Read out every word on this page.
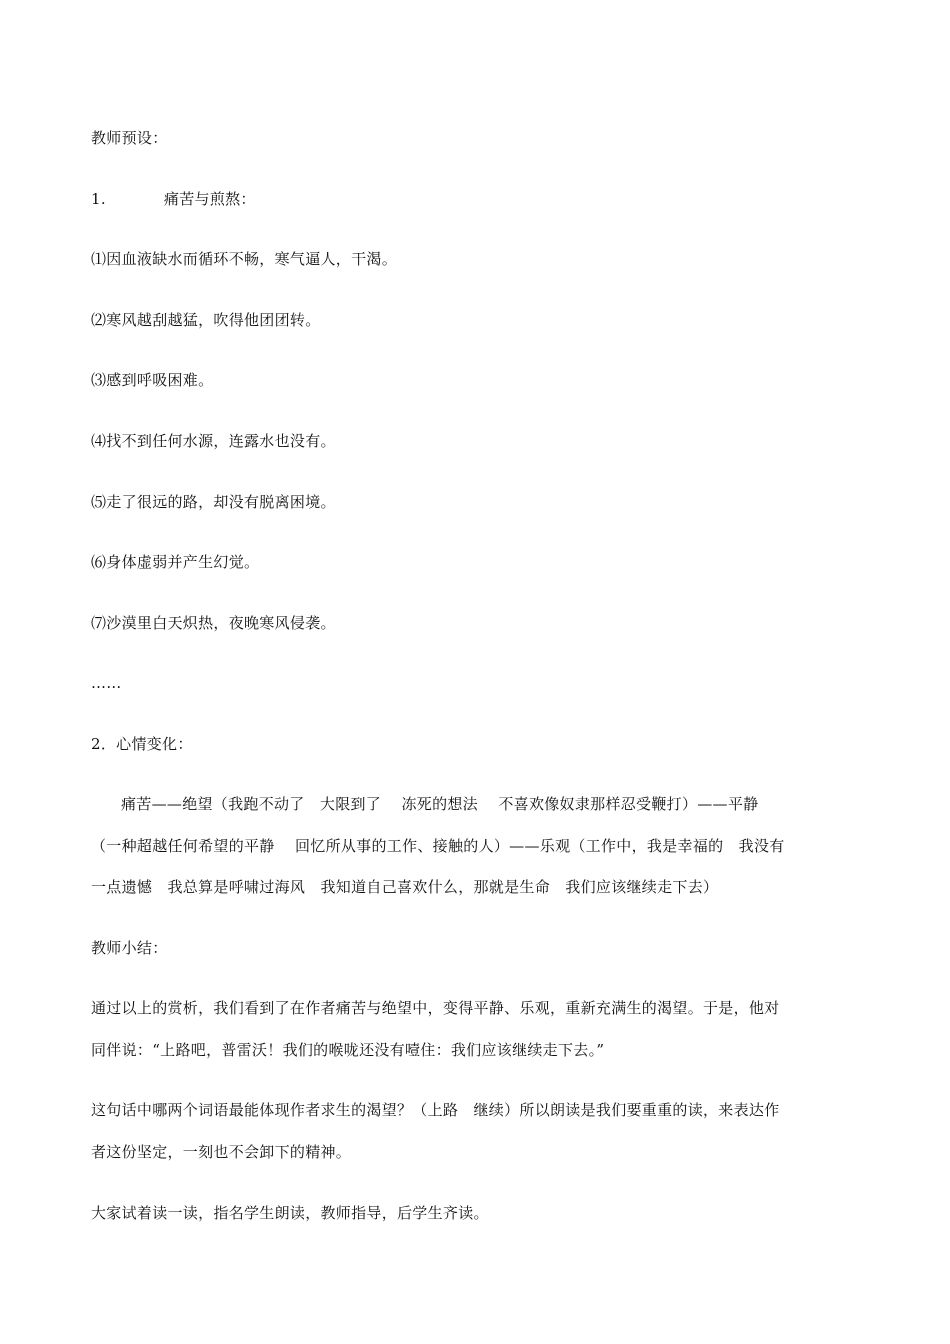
教师预设：
1.	痛苦与煎熬：
⑴因血液缺水而循环不畅，寒气逼人，干渴。
⑵寒风越刮越猛，吹得他团团转。
⑶感到呼吸困难。
⑷找不到任何水源，连露水也没有。
⑸走了很远的路，却没有脱离困境。
⑹身体虚弱并产生幻觉。
⑺沙漠里白天炽热，夜晚寒风侵袭。
……
2．心情变化：
痛苦——绝望（我跑不动了　大限到了　 冻死的想法　 不喜欢像奴隶那样忍受鞭打）——平静
（一种超越任何希望的平静　 回忆所从事的工作、接触的人）——乐观（工作中，我是幸福的　我没有
一点遗憾　我总算是呼啸过海风　我知道自己喜欢什么，那就是生命　我们应该继续走下去）
教师小结：
通过以上的赏析，我们看到了在作者痛苦与绝望中，变得平静、乐观，重新充满生的渴望。于是，他对
同伴说：“上路吧，普雷沃！我们的喉咙还没有噎住：我们应该继续走下去。”
这句话中哪两个词语最能体现作者求生的渴望？（上路　继续）所以朗读是我们要重重的读，来表达作
者这份坚定，一刻也不会卸下的精神。
大家试着读一读，指名学生朗读，教师指导，后学生齐读。
